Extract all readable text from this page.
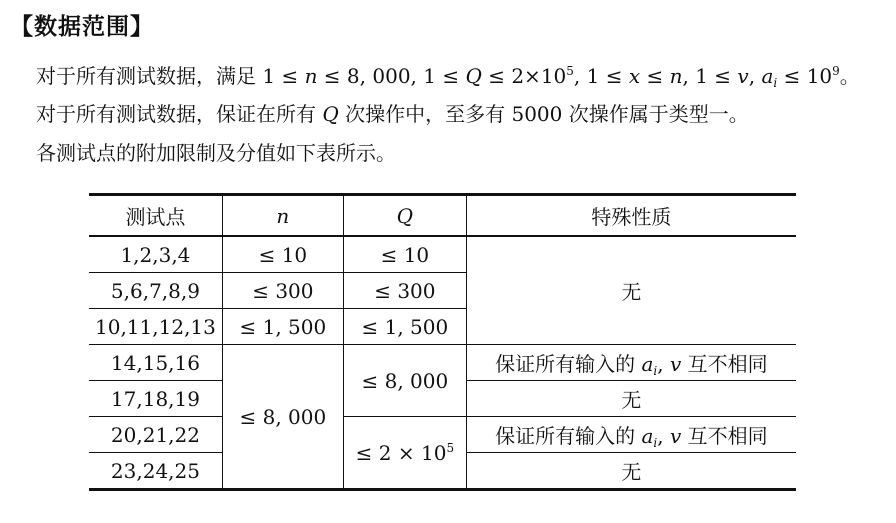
【数据范围】
对于所有测试数据，满足 1 ≤ n ≤ 8, 000, $1 \le Q \le 2\times 10^5$, 1 ≤ x ≤ n, 1 ≤ v, $a_i \le 10^9$。
对于所有测试数据，保证在所有 Q 次操作中，至多有 5000 次操作属于类型一。
各测试点的附加限制及分值如下表所示。
测试点	n	Q	特殊性质
1,2,3,4	≤ 10	≤ 10	无
5,6,7,8,9	≤ 300	≤ 300	
10,11,12,13	≤ 1, 500	≤ 1, 500	
14,15,16	≤ 8, 000	≤ 8, 000	保证所有输入的 $a_i$, v 互不相同
17,18,19			无
20,21,22		≤ $2 \times 10^5$	保证所有输入的 $a_i$, v 互不相同
23,24,25			无
